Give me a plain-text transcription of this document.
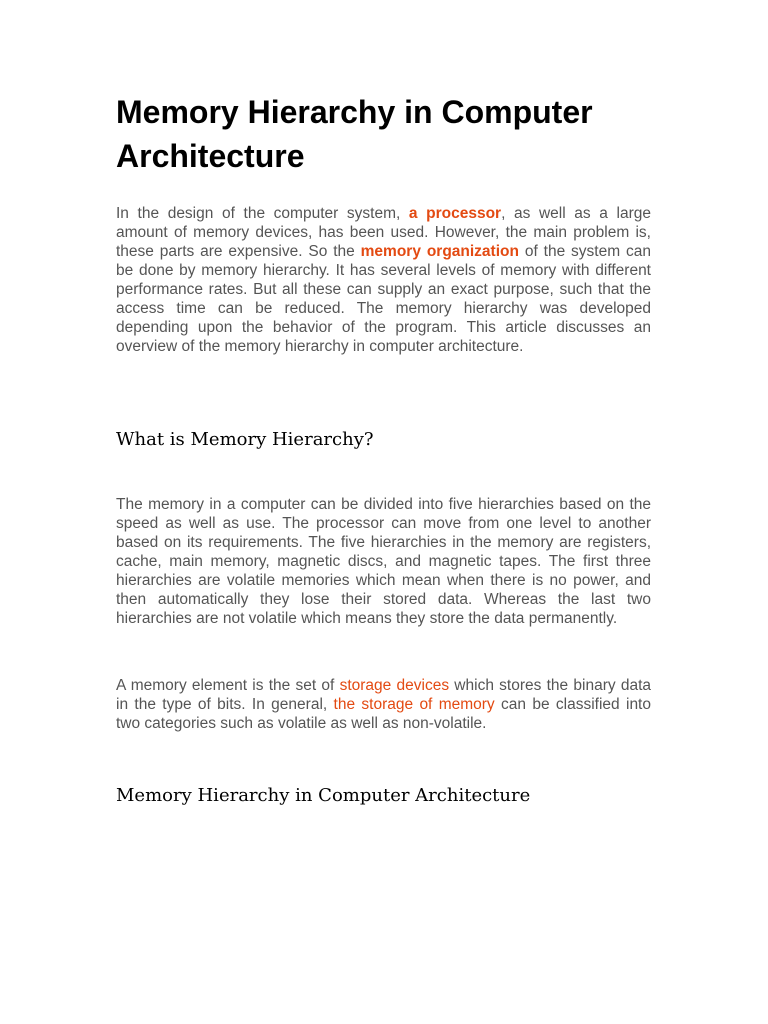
Memory Hierarchy in Computer Architecture

In the design of the computer system, a processor, as well as a large amount of memory devices, has been used. However, the main problem is, these parts are expensive. So the memory organization of the system can be done by memory hierarchy. It has several levels of memory with different performance rates. But all these can supply an exact purpose, such that the access time can be reduced. The memory hierarchy was developed depending upon the behavior of the program. This article discusses an overview of the memory hierarchy in computer architecture.

What is Memory Hierarchy?

The memory in a computer can be divided into five hierarchies based on the speed as well as use. The processor can move from one level to another based on its requirements. The five hierarchies in the memory are registers, cache, main memory, magnetic discs, and magnetic tapes. The first three hierarchies are volatile memories which mean when there is no power, and then automatically they lose their stored data. Whereas the last two hierarchies are not volatile which means they store the data permanently.

A memory element is the set of storage devices which stores the binary data in the type of bits. In general, the storage of memory can be classified into two categories such as volatile as well as non-volatile.

Memory Hierarchy in Computer Architecture
